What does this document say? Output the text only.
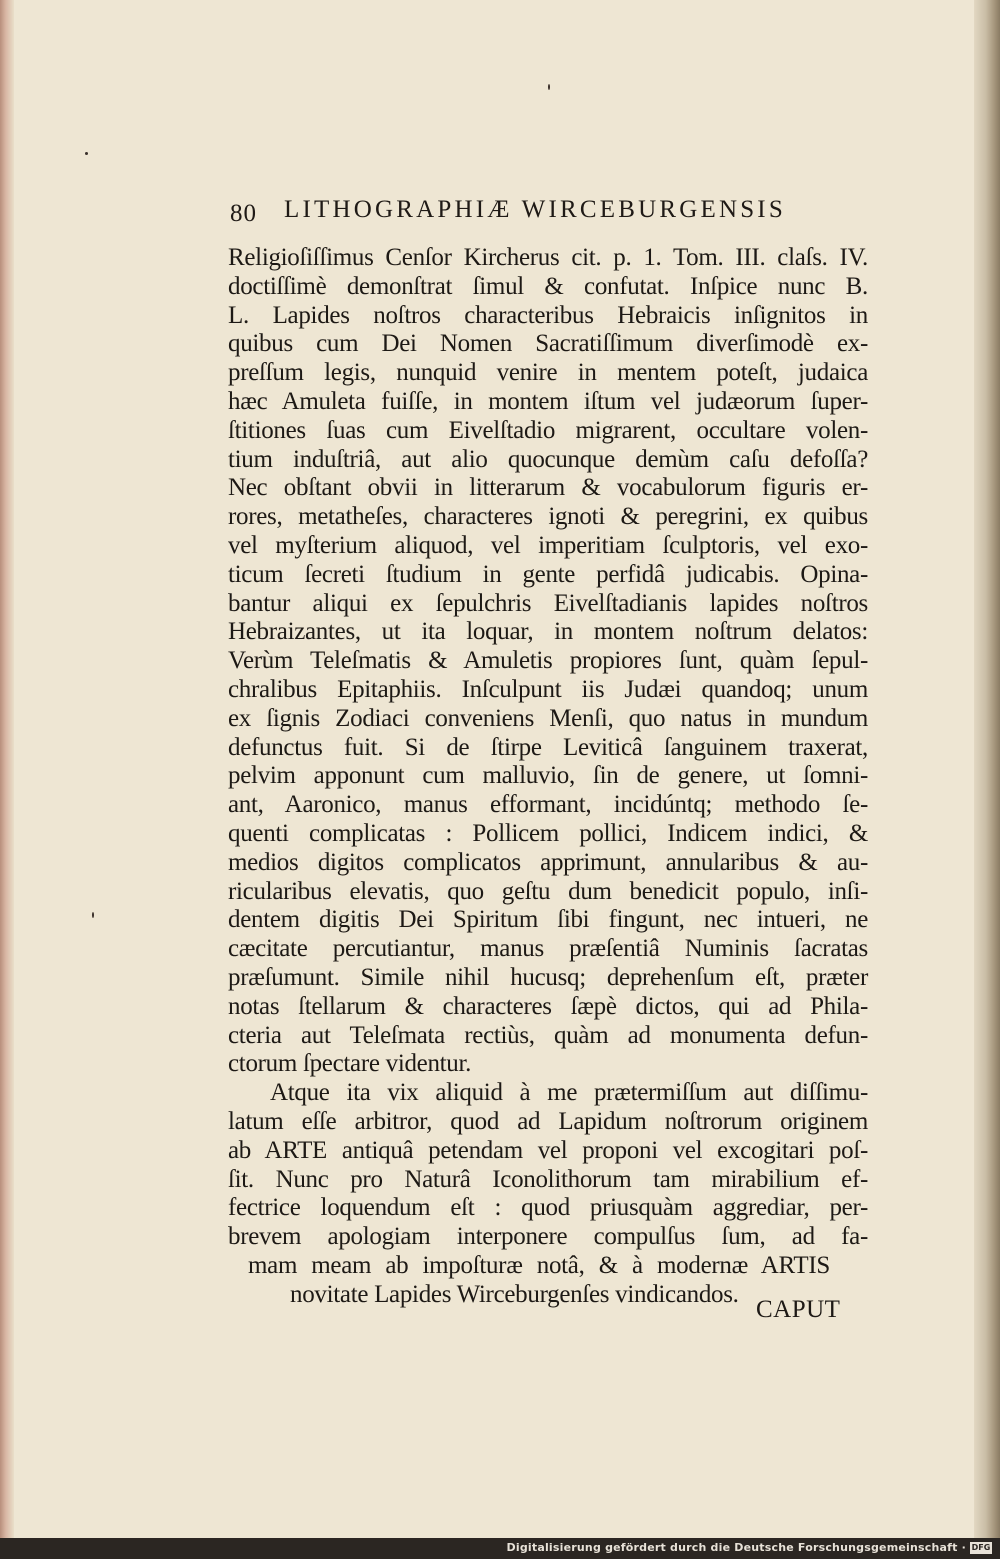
80 LITHOGRAPHIÆ WIRCEBURGENSIS
Religioſiſſimus Cenſor Kircherus cit. p. 1. Tom. III. claſs. IV.
doctiſſimè demonſtrat ſimul & confutat. Inſpice nunc B.
L. Lapides noſtros characteribus Hebraicis inſignitos in
quibus cum Dei Nomen Sacratiſſimum diverſimodè ex-
preſſum legis, nunquid venire in mentem poteſt, judaica
hæc Amuleta fuiſſe, in montem iſtum vel judæorum ſuper-
ſtitiones ſuas cum Eivelſtadio migrarent, occultare volen-
tium induſtriâ, aut alio quocunque demùm caſu defoſſa?
Nec obſtant obvii in litterarum & vocabulorum figuris er-
rores, metatheſes, characteres ignoti & peregrini, ex quibus
vel myſterium aliquod, vel imperitiam ſculptoris, vel exo-
ticum ſecreti ſtudium in gente perfidâ judicabis. Opina-
bantur aliqui ex ſepulchris Eivelſtadianis lapides noſtros
Hebraizantes, ut ita loquar, in montem noſtrum delatos:
Verùm Teleſmatis & Amuletis propiores ſunt, quàm ſepul-
chralibus Epitaphiis. Inſculpunt iis Judæi quandoq; unum
ex ſignis Zodiaci conveniens Menſi, quo natus in mundum
defunctus fuit. Si de ſtirpe Leviticâ ſanguinem traxerat,
pelvim apponunt cum malluvio, ſin de genere, ut ſomni-
ant, Aaronico, manus efformant, incidúntq; methodo ſe-
quenti complicatas : Pollicem pollici, Indicem indici, &
medios digitos complicatos apprimunt, annularibus & au-
ricularibus elevatis, quo geſtu dum benedicit populo, inſi-
dentem digitis Dei Spiritum ſibi fingunt, nec intueri, ne
cæcitate percutiantur, manus præſentiâ Numinis ſacratas
præſumunt. Simile nihil hucusq; deprehenſum eſt, præter
notas ſtellarum & characteres ſæpè dictos, qui ad Phila-
cteria aut Teleſmata rectiùs, quàm ad monumenta defun-
ctorum ſpectare videntur.
Atque ita vix aliquid à me prætermiſſum aut diſſimu-
latum eſſe arbitror, quod ad Lapidum noſtrorum originem
ab ARTE antiquâ petendam vel proponi vel excogitari poſ-
ſit. Nunc pro Naturâ Iconolithorum tam mirabilium ef-
fectrice loquendum eſt : quod priusquàm aggrediar, per-
brevem apologiam interponere compulſus ſum, ad fa-
mam meam ab impoſturæ notâ, & à modernæ ARTIS
novitate Lapides Wirceburgenſes vindicandos.
CAPUT
Digitalisierung gefördert durch die Deutsche Forschungsgemeinschaft · DFG
